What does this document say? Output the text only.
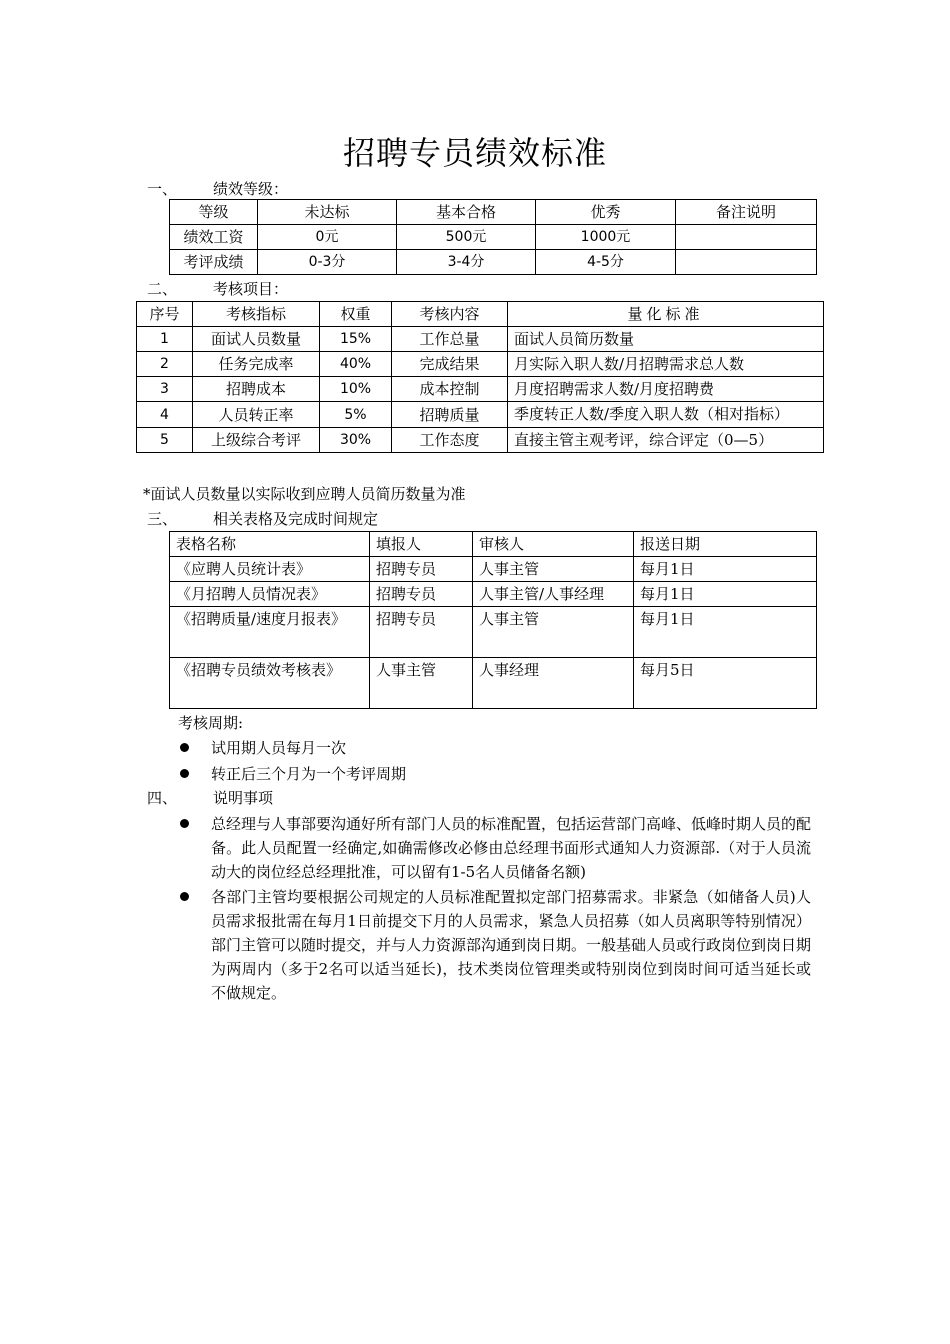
招聘专员绩效标准
一、 绩效等级：
等级	未达标	基本合格	优秀	备注说明
绩效工资	0元	500元	1000元	
考评成绩	0-3分	3-4分	4-5分	
二、 考核项目：
序号	考核指标	权重	考核内容	量化标准
1	面试人员数量	15%	工作总量	面试人员简历数量
2	任务完成率	40%	完成结果	月实际入职人数/月招聘需求总人数
3	招聘成本	10%	成本控制	月度招聘需求人数/月度招聘费
4	人员转正率	5%	招聘质量	季度转正人数/季度入职人数（相对指标）
5	上级综合考评	30%	工作态度	直接主管主观考评，综合评定（0—5）
*面试人员数量以实际收到应聘人员简历数量为准
三、 相关表格及完成时间规定
表格名称	填报人	审核人	报送日期
《应聘人员统计表》	招聘专员	人事主管	每月1日
《月招聘人员情况表》	招聘专员	人事主管/人事经理	每月1日
《招聘质量/速度月报表》	招聘专员	人事主管	每月1日
《招聘专员绩效考核表》	人事主管	人事经理	每月5日
考核周期:
试用期人员每月一次
转正后三个月为一个考评周期
四、 说明事项
总经理与人事部要沟通好所有部门人员的标准配置，包括运营部门高峰、低峰时期人员的配备。此人员配置一经确定,如确需修改必修由总经理书面形式通知人力资源部.（对于人员流动大的岗位经总经理批准，可以留有1-5名人员储备名额)
各部门主管均要根据公司规定的人员标准配置拟定部门招募需求。非紧急（如储备人员)人员需求报批需在每月1日前提交下月的人员需求，紧急人员招募（如人员离职等特别情况）部门主管可以随时提交，并与人力资源部沟通到岗日期。一般基础人员或行政岗位到岗日期为两周内（多于2名可以适当延长)，技术类岗位管理类或特别岗位到岗时间可适当延长或不做规定。
